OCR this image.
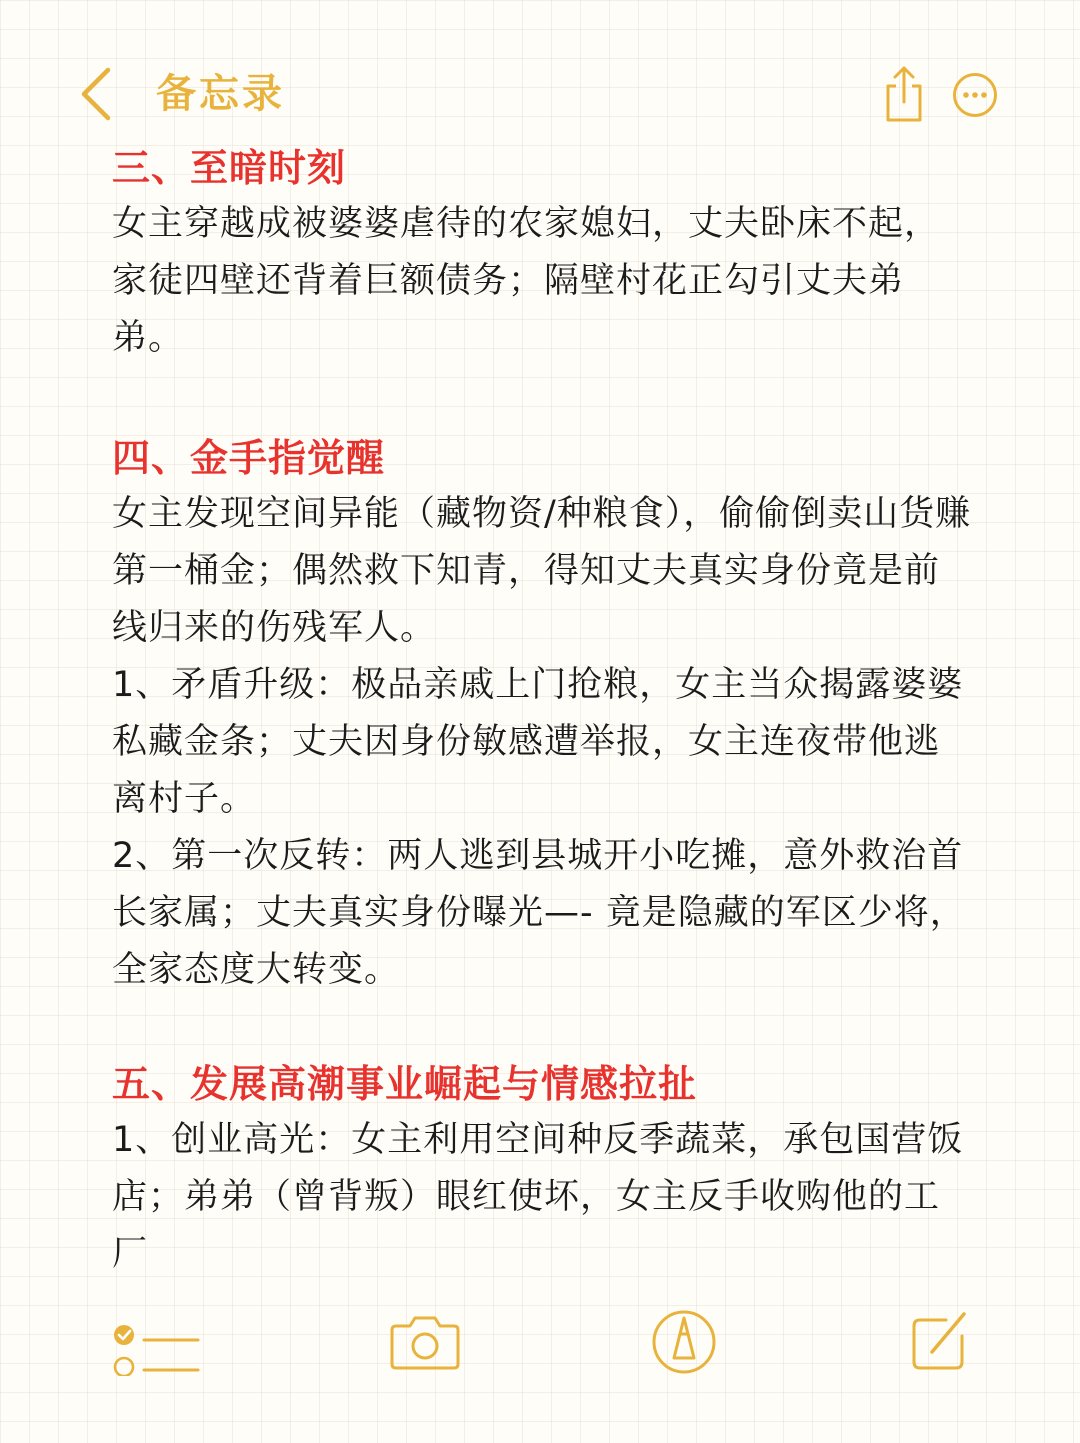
备忘录
三、至暗时刻

女主穿越成被婆婆虐待的农家媳妇，丈夫卧床不起，家徒四壁还背着巨额债务；隔壁村花正勾引丈夫弟弟。

四、金手指觉醒

女主发现空间异能（藏物资/种粮食），偷偷倒卖山货赚第一桶金；偶然救下知青，得知丈夫真实身份竟是前线归来的伤残军人。

1、矛盾升级：极品亲戚上门抢粮，女主当众揭露婆婆私藏金条；丈夫因身份敏感遭举报，女主连夜带他逃离村子。

2、第一次反转：两人逃到县城开小吃摊，意外救治首长家属；丈夫真实身份曝光—- 竟是隐藏的军区少将，全家态度大转变。

五、发展高潮事业崛起与情感拉扯

1、创业高光：女主利用空间种反季蔬菜，承包国营饭店；弟弟（曾背叛）眼红使坏，女主反手收购他的工厂
